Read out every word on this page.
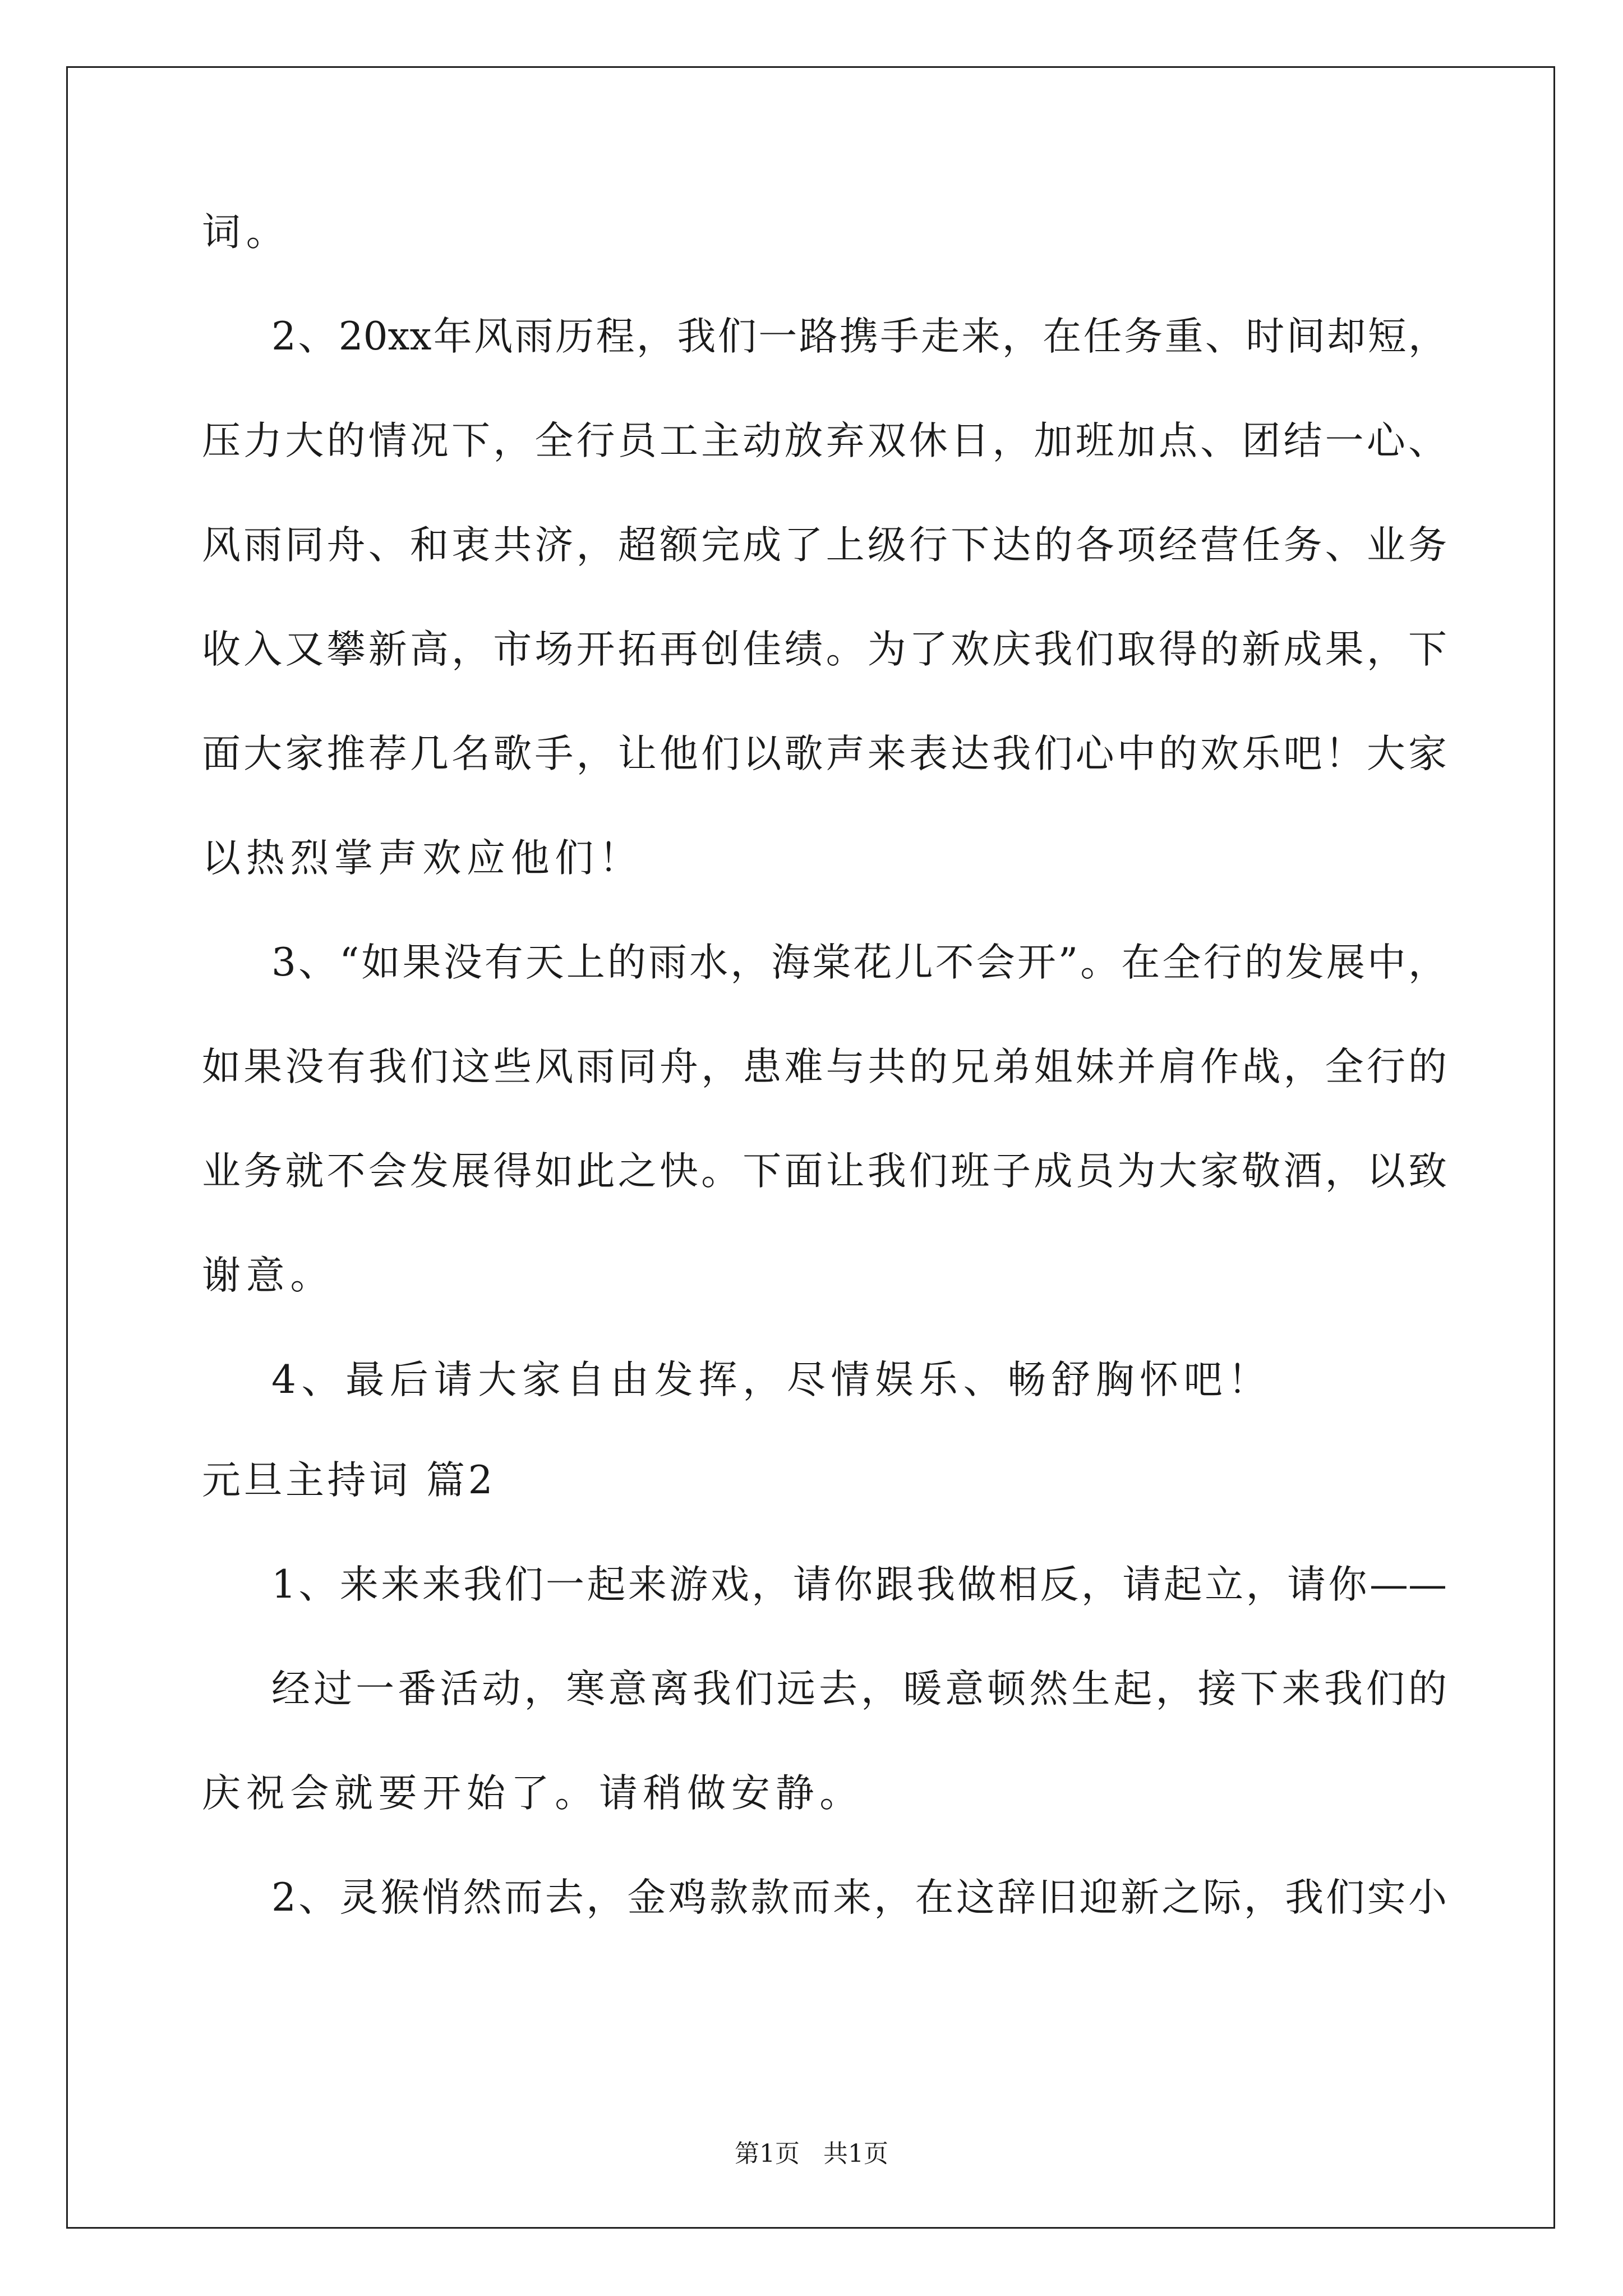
词。
2、20xx年风雨历程，我们一路携手走来，在任务重、时间却短，
压力大的情况下，全行员工主动放弃双休日，加班加点、团结一心、
风雨同舟、和衷共济，超额完成了上级行下达的各项经营任务、业务
收入又攀新高，市场开拓再创佳绩。为了欢庆我们取得的新成果，下
面大家推荐几名歌手，让他们以歌声来表达我们心中的欢乐吧！大家
以热烈掌声欢应他们！
3、“如果没有天上的雨水，海棠花儿不会开”。在全行的发展中，
如果没有我们这些风雨同舟，患难与共的兄弟姐妹并肩作战，全行的
业务就不会发展得如此之快。下面让我们班子成员为大家敬酒，以致
谢意。
4、最后请大家自由发挥，尽情娱乐、畅舒胸怀吧！
元旦主持词 篇2
1、来来来我们一起来游戏，请你跟我做相反，请起立，请你——
经过一番活动，寒意离我们远去，暖意顿然生起，接下来我们的
庆祝会就要开始了。请稍做安静。
2、灵猴悄然而去，金鸡款款而来，在这辞旧迎新之际，我们实小
第1页   共1页
